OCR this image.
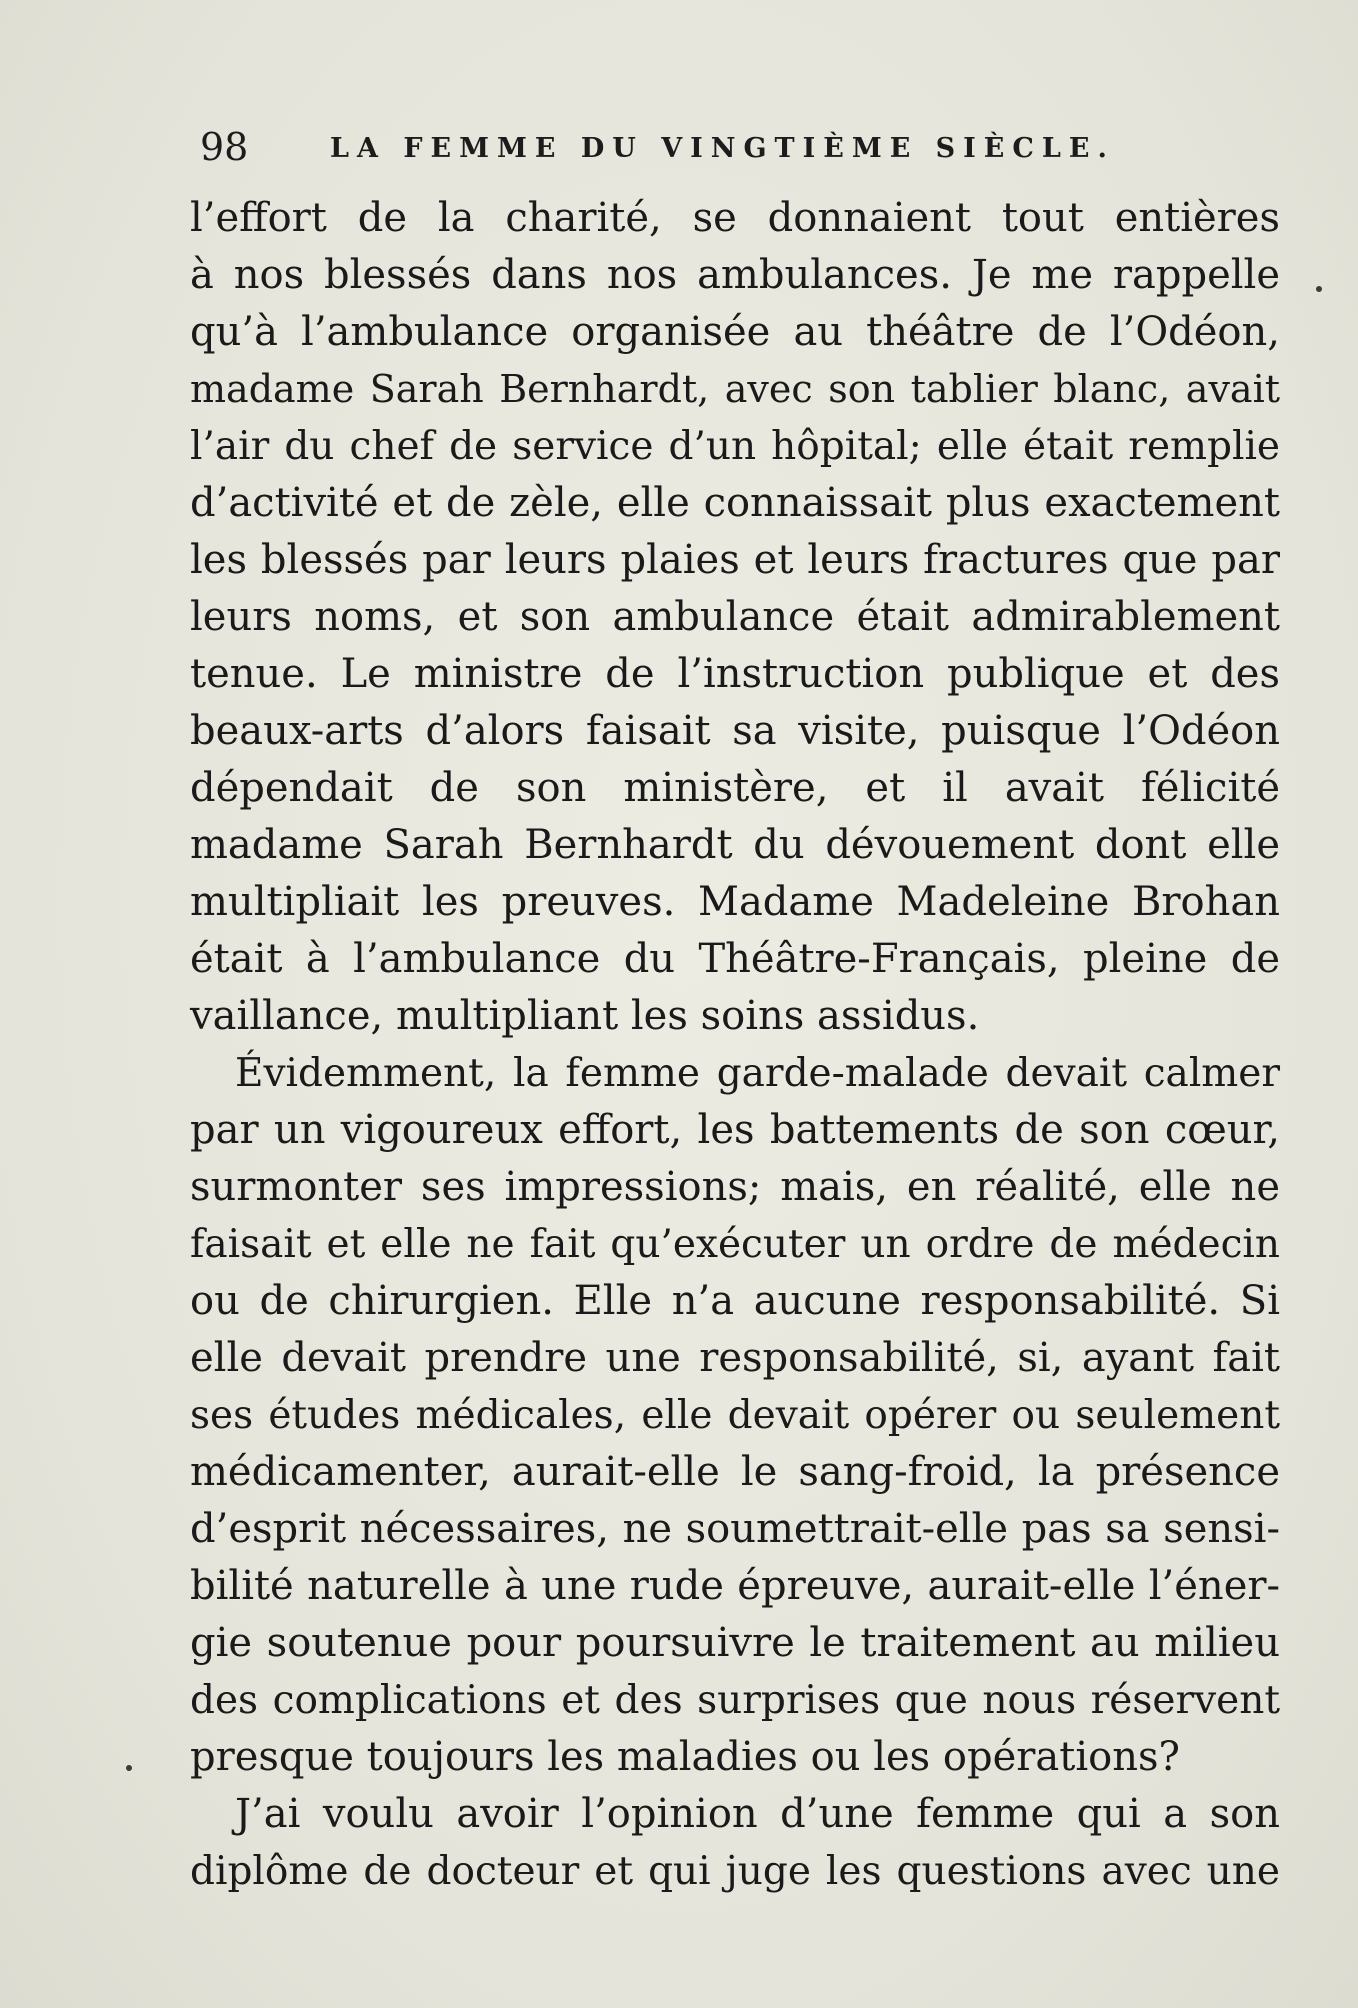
98	LA FEMME DU VINGTIÈME SIÈCLE.
l’effort de la charité, se donnaient tout entières
à nos blessés dans nos ambulances. Je me rappelle
qu’à l’ambulance organisée au théâtre de l’Odéon,
madame Sarah Bernhardt, avec son tablier blanc, avait
l’air du chef de service d’un hôpital; elle était remplie
d’activité et de zèle, elle connaissait plus exactement
les blessés par leurs plaies et leurs fractures que par
leurs noms, et son ambulance était admirablement
tenue. Le ministre de l’instruction publique et des
beaux-arts d’alors faisait sa visite, puisque l’Odéon
dépendait de son ministère, et il avait félicité
madame Sarah Bernhardt du dévouement dont elle
multipliait les preuves. Madame Madeleine Brohan
était à l’ambulance du Théâtre-Français, pleine de
vaillance, multipliant les soins assidus.
Évidemment, la femme garde-malade devait calmer
par un vigoureux effort, les battements de son cœur,
surmonter ses impressions; mais, en réalité, elle ne
faisait et elle ne fait qu’exécuter un ordre de médecin
ou de chirurgien. Elle n’a aucune responsabilité. Si
elle devait prendre une responsabilité, si, ayant fait
ses études médicales, elle devait opérer ou seulement
médicamenter, aurait-elle le sang-froid, la présence
d’esprit nécessaires, ne soumettrait-elle pas sa sensi-
bilité naturelle à une rude épreuve, aurait-elle l’éner-
gie soutenue pour poursuivre le traitement au milieu
des complications et des surprises que nous réservent
presque toujours les maladies ou les opérations?
J’ai voulu avoir l’opinion d’une femme qui a son
diplôme de docteur et qui juge les questions avec une
